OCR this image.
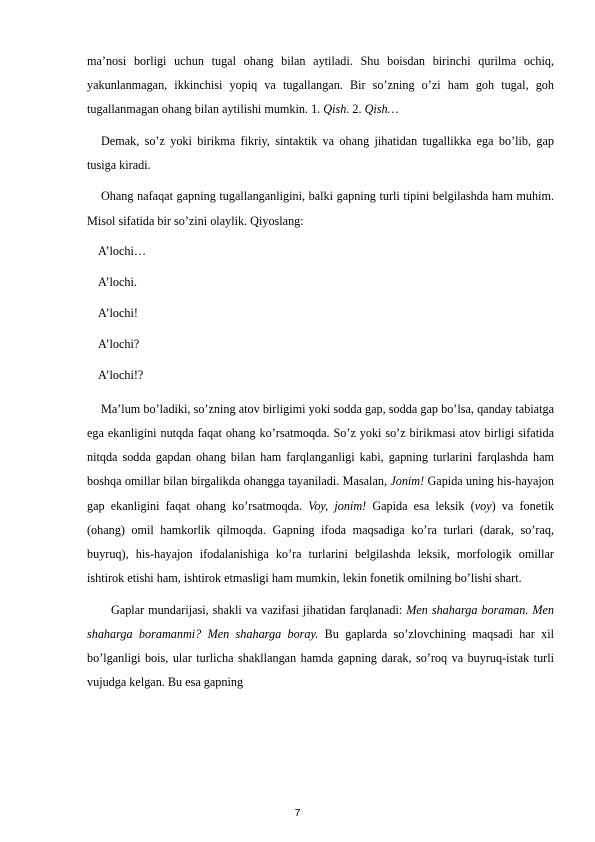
ma’nosi borligi uchun tugal ohang bilan aytiladi. Shu boisdan birinchi qurilma ochiq, yakunlanmagan, ikkinchisi yopiq va tugallangan. Bir so’zning o’zi ham goh tugal, goh tugallanmagan ohang bilan aytilishi mumkin. 1. Qish. 2. Qish…

Demak, so’z yoki birikma fikriy, sintaktik va ohang jihatidan tugallikka ega bo’lib, gap tusiga kiradi.

Ohang nafaqat gapning tugallanganligini, balki gapning turli tipini belgilashda ham muhim. Misol sifatida bir so’zini olaylik. Qiyoslang:

A’lochi…

A’lochi.

A’lochi!

A’lochi?

A’lochi!?

Ma’lum bo’ladiki, so’zning atov birligimi yoki sodda gap, sodda gap bo’lsa, qanday tabiatga ega ekanligini nutqda faqat ohang ko’rsatmoqda. So’z yoki so’z birikmasi atov birligi sifatida nitqda sodda gapdan ohang bilan ham farqlanganligi kabi, gapning turlarini farqlashda ham boshqa omillar bilan birgalikda ohangga tayaniladi. Masalan, Jonim! Gapida uning his-hayajon gap ekanligini faqat ohang ko’rsatmoqda. Voy, jonim! Gapida esa leksik (voy) va fonetik (ohang) omil hamkorlik qilmoqda. Gapning ifoda maqsadiga ko’ra turlari (darak, so’raq, buyruq), his-hayajon ifodalanishiga ko’ra turlarini belgilashda leksik, morfologik omillar ishtirok etishi ham, ishtirok etmasligi ham mumkin, lekin fonetik omilning bo’lishi shart.

Gaplar mundarijasi, shakli va vazifasi jihatidan farqlanadi: Men shaharga boraman. Men shaharga boramanmi? Men shaharga boray. Bu gaplarda so’zlovchining maqsadi har xil bo’lganligi bois, ular turlicha shakllangan hamda gapning darak, so’roq va buyruq-istak turli vujudga kelgan. Bu esa gapning

7
